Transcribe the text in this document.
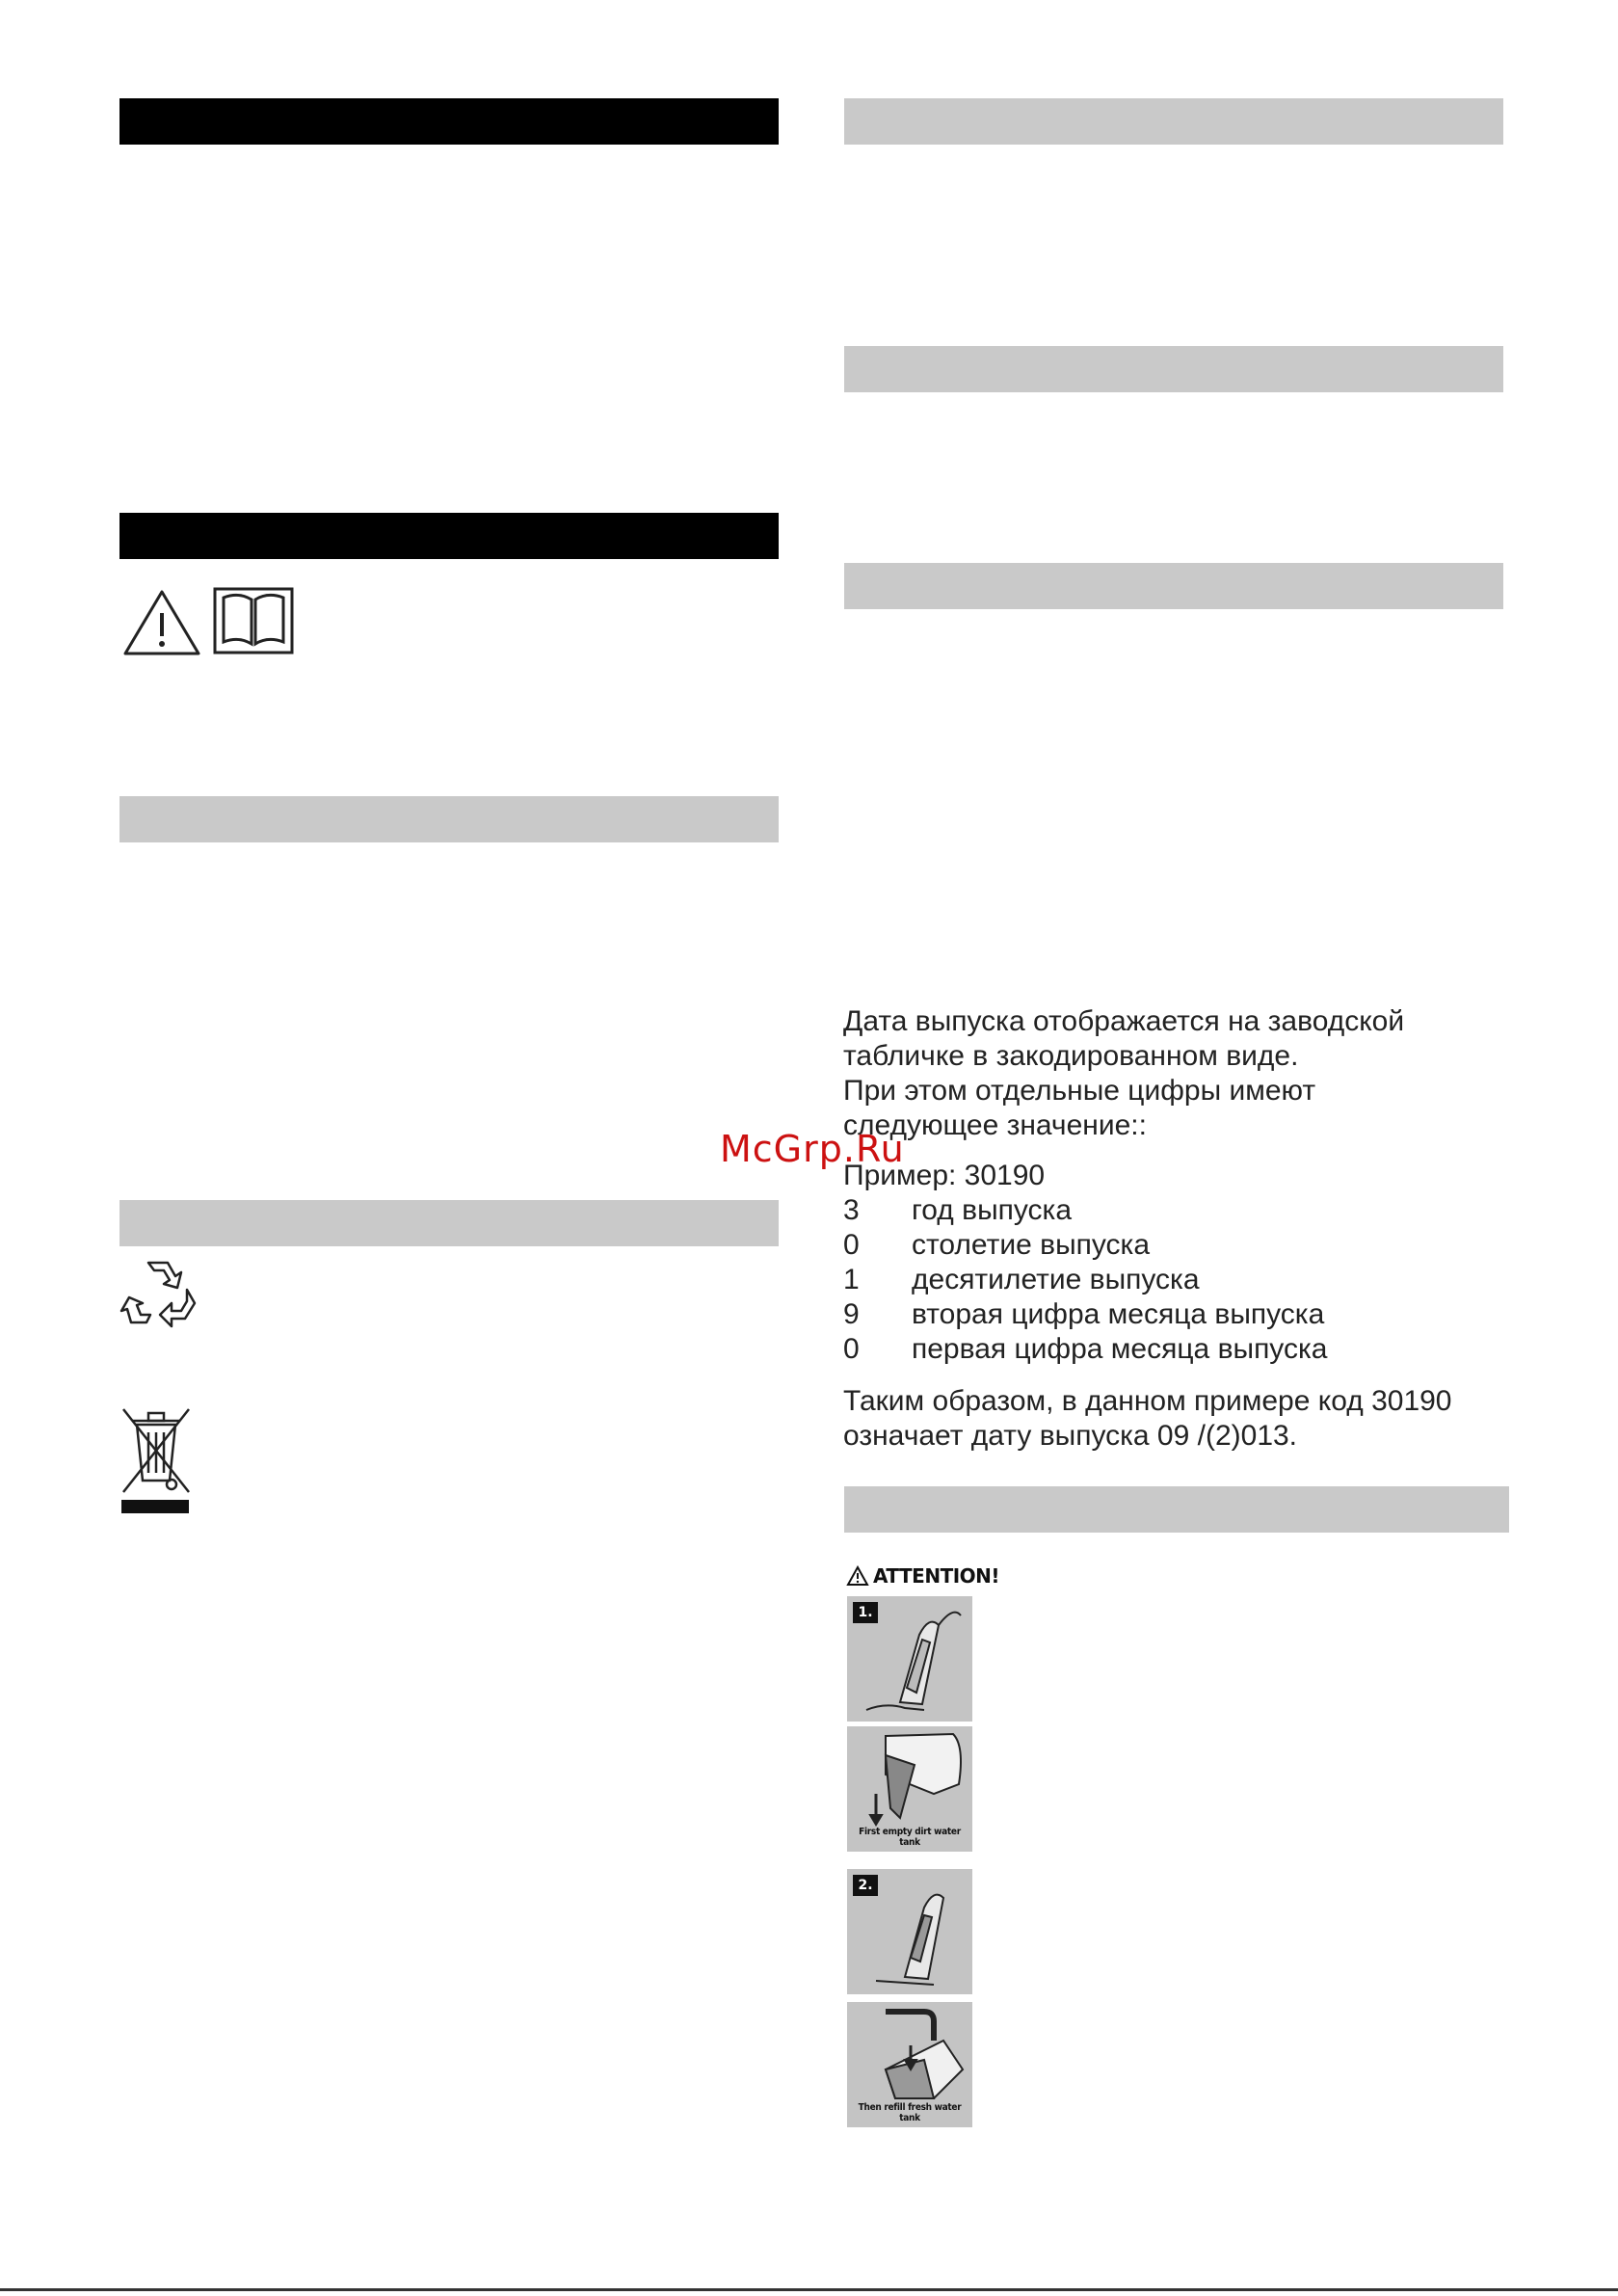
Дата выпуска отображается на заводской

табличке в закодированном виде.

При этом отдельные цифры имеют

следующее значение::

Пример: 30190

3	год выпуска
0	столетие выпуска
1	десятилетие выпуска
9	вторая цифра месяца выпуска
0	первая цифра месяца выпуска

Таким образом, в данном примере код 30190

означает дату выпуска 09 /(2)013.

McGrp.Ru
ATTENTION!
1.
First empty dirt water tank
2.
Then refill fresh water tank
